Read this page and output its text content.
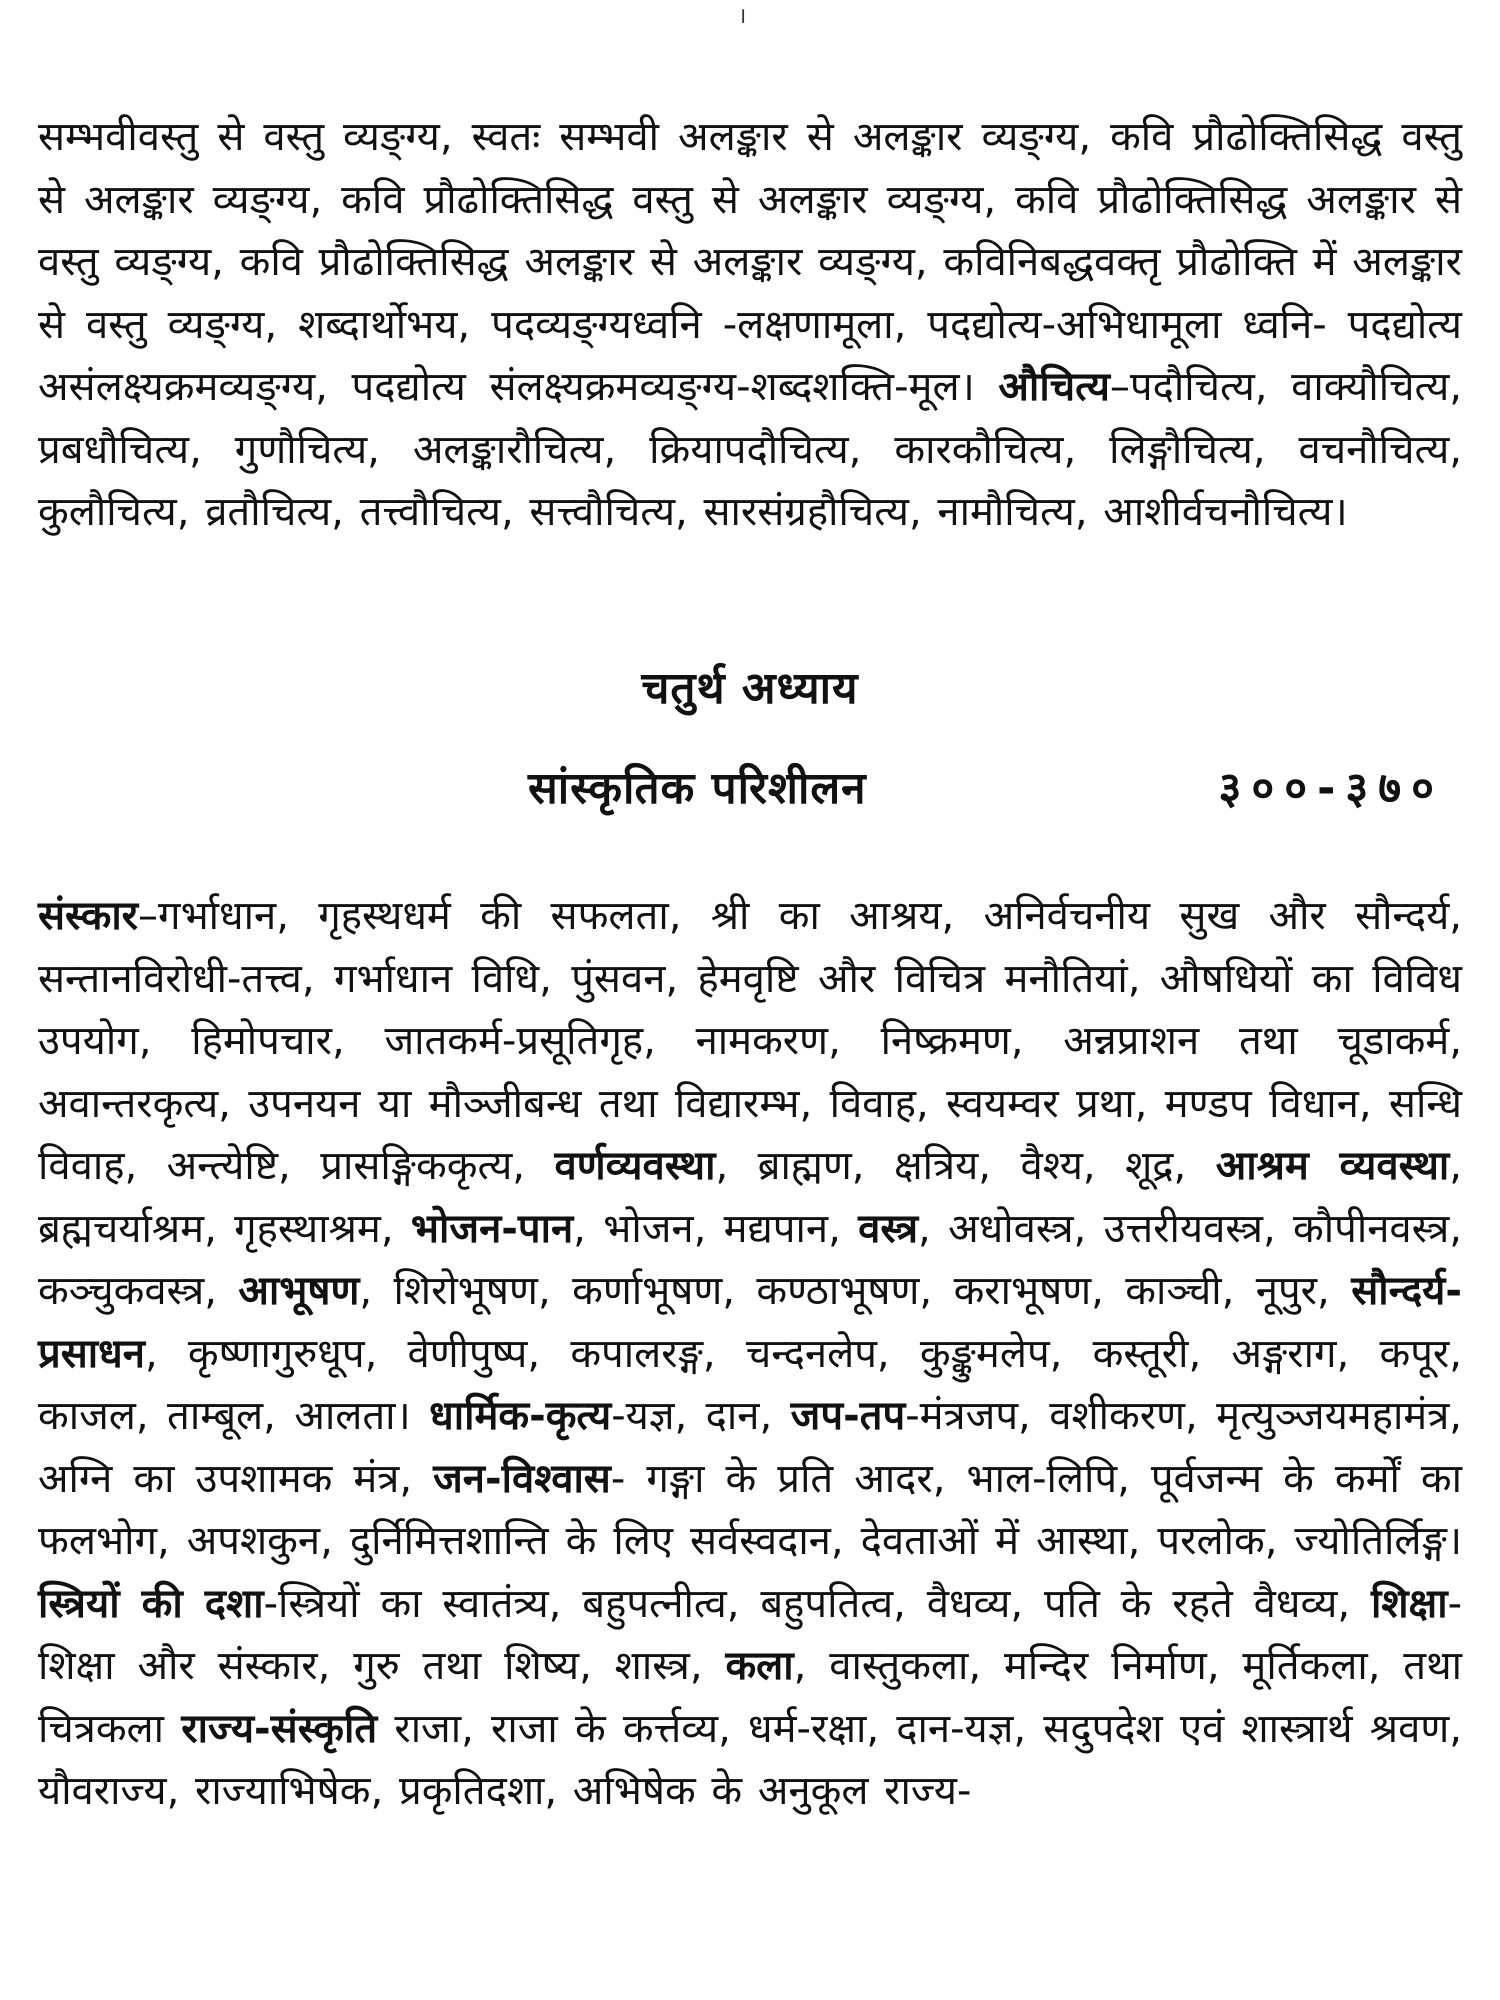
।

सम्भवीवस्तु से वस्तु व्यङ्ग्य, स्वतः सम्भवी अलङ्कार से अलङ्कार व्यङ्ग्य, कवि प्रौढोक्तिसिद्ध वस्तु से अलङ्कार व्यङ्ग्य, कवि प्रौढोक्तिसिद्ध वस्तु से अलङ्कार व्यङ्ग्य, कवि प्रौढोक्तिसिद्ध अलङ्कार से वस्तु व्यङ्ग्य, कवि प्रौढोक्तिसिद्ध अलङ्कार से अलङ्कार व्यङ्ग्य, कविनिबद्धवक्तृ प्रौढोक्ति में अलङ्कार से वस्तु व्यङ्ग्य, शब्दार्थोभय, पदव्यङ्ग्यध्वनि -लक्षणामूला, पदद्योत्य-अभिधामूला ध्वनि- पदद्योत्य असंलक्ष्यक्रमव्यङ्ग्य, पदद्योत्य संलक्ष्यक्रमव्यङ्ग्य-शब्दशक्ति-मूल। औचित्य–पदौचित्य, वाक्यौचित्य, प्रबधौचित्य, गुणौचित्य, अलङ्कारौचित्य, क्रियापदौचित्य, कारकौचित्य, लिङ्गौचित्य, वचनौचित्य, कुलौचित्य, व्रतौचित्य, तत्त्वौचित्य, सत्त्वौचित्य, सारसंग्रहौचित्य, नामौचित्य, आशीर्वचनौचित्य।

चतुर्थ अध्याय
सांस्कृतिक परिशीलन	३००-३७०

संस्कार–गर्भाधान, गृहस्थधर्म की सफलता, श्री का आश्रय, अनिर्वचनीय सुख और सौन्दर्य, सन्तानविरोधी-तत्त्व, गर्भाधान विधि, पुंसवन, हेमवृष्टि और विचित्र मनौतियां, औषधियों का विविध उपयोग, हिमोपचार, जातकर्म-प्रसूतिगृह, नामकरण, निष्क्रमण, अन्नप्राशन तथा चूडाकर्म, अवान्तरकृत्य, उपनयन या मौञ्जीबन्ध तथा विद्यारम्भ, विवाह, स्वयम्वर प्रथा, मण्डप विधान, सन्धि विवाह, अन्त्येष्टि, प्रासङ्गिककृत्य, वर्णव्यवस्था, ब्राह्मण, क्षत्रिय, वैश्य, शूद्र, आश्रम व्यवस्था, ब्रह्मचर्याश्रम, गृहस्थाश्रम, भोजन-पान, भोजन, मद्यपान, वस्त्र, अधोवस्त्र, उत्तरीयवस्त्र, कौपीनवस्त्र, कञ्चुकवस्त्र, आभूषण, शिरोभूषण, कर्णाभूषण, कण्ठाभूषण, कराभूषण, काञ्ची, नूपुर, सौन्दर्य- प्रसाधन, कृष्णागुरुधूप, वेणीपुष्प, कपालरङ्ग, चन्दनलेप, कुङ्कुमलेप, कस्तूरी, अङ्गराग, कपूर, काजल, ताम्बूल, आलता। धार्मिक-कृत्य-यज्ञ, दान, जप-तप-मंत्रजप, वशीकरण, मृत्युञ्जयमहामंत्र, अग्नि का उपशामक मंत्र, जन-विश्वास- गङ्गा के प्रति आदर, भाल-लिपि, पूर्वजन्म के कर्मों का फलभोग, अपशकुन, दुर्निमित्तशान्ति के लिए सर्वस्वदान, देवताओं में आस्था, परलोक, ज्योतिर्लिङ्ग। स्त्रियों की दशा-स्त्रियों का स्वातंत्र्य, बहुपत्नीत्व, बहुपतित्व, वैधव्य, पति के रहते वैधव्य, शिक्षा-शिक्षा और संस्कार, गुरु तथा शिष्य, शास्त्र, कला, वास्तुकला, मन्दिर निर्माण, मूर्तिकला, तथा चित्रकला राज्य-संस्कृति राजा, राजा के कर्त्तव्य, धर्म-रक्षा, दान-यज्ञ, सदुपदेश एवं शास्त्रार्थ श्रवण, यौवराज्य, राज्याभिषेक, प्रकृतिदशा, अभिषेक के अनुकूल राज्य-
